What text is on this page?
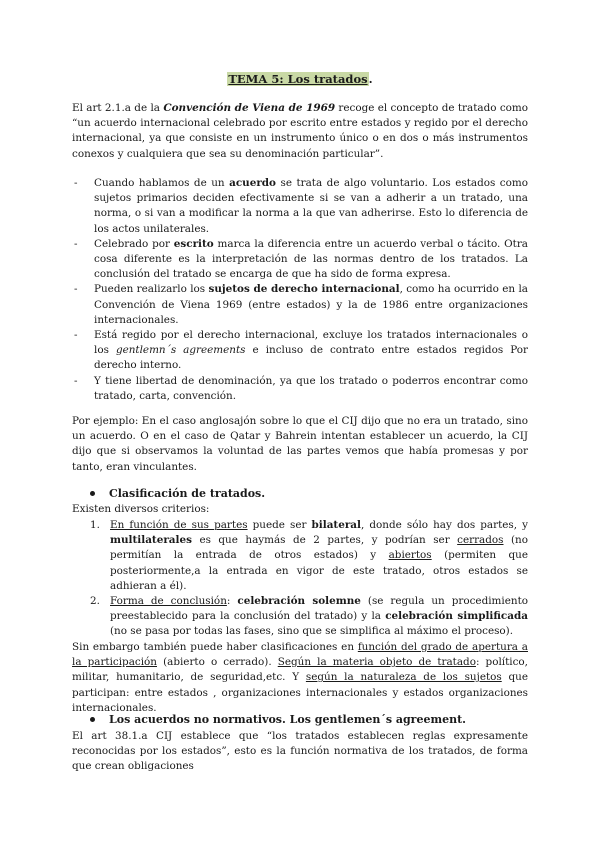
TEMA 5: Los tratados.

El art 2.1.a de la Convención de Viena de 1969 recoge el concepto de tratado como “un acuerdo internacional celebrado por escrito entre estados y regido por el derecho internacional, ya que consiste en un instrumento único o en dos o más instrumentos conexos y cualquiera que sea su denominación particular”.

- Cuando hablamos de un acuerdo se trata de algo voluntario. Los estados como sujetos primarios deciden efectivamente si se van a adherir a un tratado, una norma, o si van a modificar la norma a la que van adherirse. Esto lo diferencia de los actos unilaterales.
- Celebrado por escrito marca la diferencia entre un acuerdo verbal o tácito. Otra cosa diferente es la interpretación de las normas dentro de los tratados. La conclusión del tratado se encarga de que ha sido de forma expresa.
- Pueden realizarlo los sujetos de derecho internacional, como ha ocurrido en la Convención de Viena 1969 (entre estados) y la de 1986 entre organizaciones internacionales.
- Está regido por el derecho internacional, excluye los tratados internacionales o los gentlemn´s agreements e incluso de contrato entre estados regidos Por derecho interno.
- Y tiene libertad de denominación, ya que los tratado o poderros encontrar como tratado, carta, convención.

Por ejemplo: En el caso anglosajón sobre lo que el CIJ dijo que no era un tratado, sino un acuerdo. O en el caso de Qatar y Bahrein intentan establecer un acuerdo, la CIJ dijo que si observamos la voluntad de las partes vemos que había promesas y por tanto, eran vinculantes.

Clasificación de tratados.

Existen diversos criterios:

1. En función de sus partes puede ser bilateral, donde sólo hay dos partes, y multilaterales es que haymás de 2 partes, y podrían ser cerrados (no permitían la entrada de otros estados) y abiertos (permiten que posteriormente,a la entrada en vigor de este tratado, otros estados se adhieran a él).
2. Forma de conclusión: celebración solemne (se regula un procedimiento preestablecido para la conclusión del tratado) y la celebración simplificada (no se pasa por todas las fases, sino que se simplifica al máximo el proceso).

Sin embargo también puede haber clasificaciones en función del grado de apertura a la participación (abierto o cerrado). Según la materia objeto de tratado: político, militar, humanitario, de seguridad,etc. Y según la naturaleza de los sujetos que participan: entre estados , organizaciones internacionales y estados organizaciones internacionales.

Los acuerdos no normativos. Los gentlemen´s agreement.

El art 38.1.a CIJ establece que “los tratados establecen reglas expresamente reconocidas por los estados”, esto es la función normativa de los tratados, de forma que crean obligaciones
